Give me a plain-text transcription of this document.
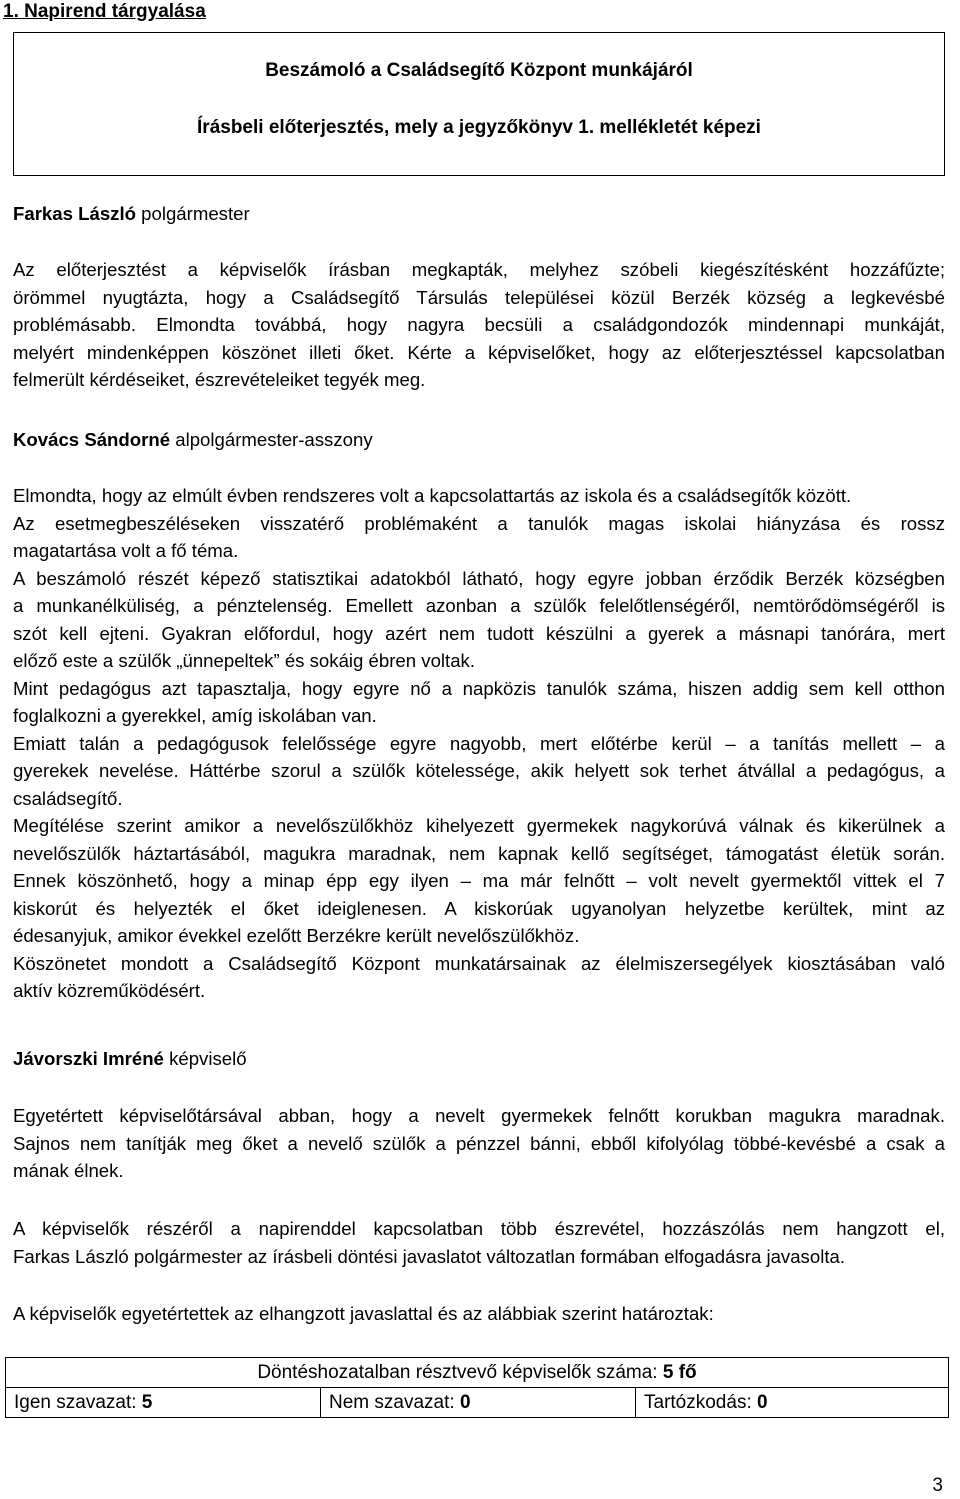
1. Napirend tárgyalása
Beszámoló a Családsegítő Központ munkájáról
Írásbeli előterjesztés, mely a jegyzőkönyv 1. mellékletét képezi
Farkas László polgármester
Az előterjesztést a képviselők írásban megkapták, melyhez szóbeli kiegészítésként hozzáfűzte;
örömmel nyugtázta, hogy a Családsegítő Társulás települései közül Berzék község a legkevésbé
problémásabb. Elmondta továbbá, hogy nagyra becsüli a családgondozók mindennapi munkáját,
melyért mindenképpen köszönet illeti őket. Kérte a képviselőket, hogy az előterjesztéssel kapcsolatban
felmerült kérdéseiket, észrevételeiket tegyék meg.
Kovács Sándorné alpolgármester-asszony
Elmondta, hogy az elmúlt évben rendszeres volt a kapcsolattartás az iskola és a családsegítők között.
Az esetmegbeszéléseken visszatérő problémaként a tanulók magas iskolai hiányzása és rossz
magatartása volt a fő téma.
A beszámoló részét képező statisztikai adatokból látható, hogy egyre jobban érződik Berzék községben
a munkanélküliség, a pénztelenség. Emellett azonban a szülők felelőtlenségéről, nemtörődömségéről is
szót kell ejteni. Gyakran előfordul, hogy azért nem tudott készülni a gyerek a másnapi tanórára, mert
előző este a szülők „ünnepeltek” és sokáig ébren voltak.
Mint pedagógus azt tapasztalja, hogy egyre nő a napközis tanulók száma, hiszen addig sem kell otthon
foglalkozni a gyerekkel, amíg iskolában van.
Emiatt talán a pedagógusok felelőssége egyre nagyobb, mert előtérbe kerül – a tanítás mellett – a
gyerekek nevelése. Háttérbe szorul a szülők kötelessége, akik helyett sok terhet átvállal a pedagógus, a
családsegítő.
Megítélése szerint amikor a nevelőszülőkhöz kihelyezett gyermekek nagykorúvá válnak és kikerülnek a
nevelőszülők háztartásából, magukra maradnak, nem kapnak kellő segítséget, támogatást életük során.
Ennek köszönhető, hogy a minap épp egy ilyen – ma már felnőtt – volt nevelt gyermektől vittek el 7
kiskorút és helyezték el őket ideiglenesen. A kiskorúak ugyanolyan helyzetbe kerültek, mint az
édesanyjuk, amikor évekkel ezelőtt Berzékre került nevelőszülőkhöz.
Köszönetet mondott a Családsegítő Központ munkatársainak az élelmiszersegélyek kiosztásában való
aktív közreműködésért.
Jávorszki Imréné képviselő
Egyetértett képviselőtársával abban, hogy a nevelt gyermekek felnőtt korukban magukra maradnak.
Sajnos nem tanítják meg őket a nevelő szülők a pénzzel bánni, ebből kifolyólag többé-kevésbé a csak a
mának élnek.
A képviselők részéről a napirenddel kapcsolatban több észrevétel, hozzászólás nem hangzott el,
Farkas László polgármester az írásbeli döntési javaslatot változatlan formában elfogadásra javasolta.
A képviselők egyetértettek az elhangzott javaslattal és az alábbiak szerint határoztak:
Döntéshozatalban résztvevő képviselők száma: 5 fő
Igen szavazat: 5	Nem szavazat: 0	Tartózkodás: 0
3
